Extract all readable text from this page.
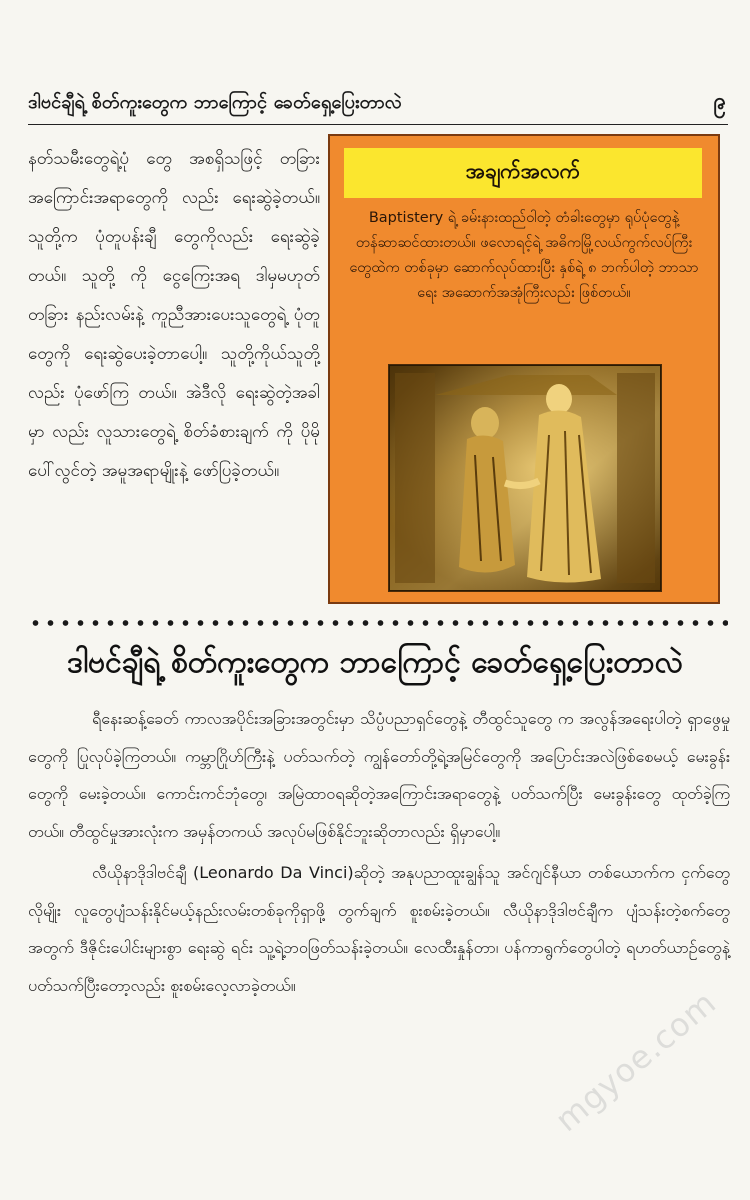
ဒါဗင်ချီရဲ့ စိတ်ကူးတွေက ဘာကြောင့် ခေတ်ရှေ့ပြေးတာလဲ	၉

နတ်သမီးတွေရဲ့ပုံ တွေ အစရှိသဖြင့် တခြားအကြောင်းအရာတွေကို လည်း ရေးဆွဲခဲ့တယ်။ သူတို့က ပုံတူပန်းချီ တွေကိုလည်း ရေးဆွဲခဲ့တယ်။ သူတို့ ကို ငွေကြေးအရ ဒါမှမဟုတ် တခြား နည်းလမ်းနဲ့ ကူညီအားပေးသူတွေရဲ့ ပုံတူတွေကို ရေးဆွဲပေးခဲ့တာပေါ့။ သူတို့ကိုယ်သူတို့လည်း ပုံဖော်ကြ တယ်။ အဲဒီလို ရေးဆွဲတဲ့အခါမှာ လည်း လူသားတွေရဲ့ စိတ်ခံစားချက် ကို ပိုမိုပေါ်လွင်တဲ့ အမူအရာမျိုးနဲ့ ဖော်ပြခဲ့တယ်။

အချက်အလက်

Baptistery ရဲ့ ခမ်းနားထည်ဝါတဲ့ တံခါးတွေမှာ ရုပ်ပုံတွေနဲ့ တန်ဆာဆင်ထားတယ်။ ဖလောရင့်ရဲ့ အဓိကမြို့လယ်ကွက်လပ်ကြီး တွေထဲက တစ်ခုမှာ ဆောက်လုပ်ထားပြီး နှစ်ရဲ့ ၈ ဘက်ပါတဲ့ ဘာသာရေး အဆောက်အအုံကြီးလည်း ဖြစ်တယ်။

ဒါဗင်ချီရဲ့ စိတ်ကူးတွေက ဘာကြောင့် ခေတ်ရှေ့ပြေးတာလဲ

ရီနေးဆန့်ခေတ် ကာလအပိုင်းအခြားအတွင်းမှာ သိပ္ပံပညာရှင်တွေနဲ့ တီထွင်သူတွေ က အလွန်အရေးပါတဲ့ ရှာဖွေမှုတွေကို ပြုလုပ်ခဲ့ကြတယ်။ ကမ္ဘာဂြိုဟ်ကြီးနဲ့ ပတ်သက်တဲ့ ကျွန်တော်တို့ရဲ့အမြင်တွေကို အပြောင်းအလဲဖြစ်စေမယ့် မေးခွန်းတွေကို မေးခဲ့တယ်။ ကောင်းကင်ဘုံတွေ၊ အမြဲထာဝရဆိုတဲ့အကြောင်းအရာတွေနဲ့ ပတ်သက်ပြီး မေးခွန်းတွေ ထုတ်ခဲ့ကြတယ်။ တီထွင်မှုအားလုံးက အမှန်တကယ် အလုပ်မဖြစ်နိုင်ဘူးဆိုတာလည်း ရှိမှာပေါ့။

လီယိုနာဒိုဒါဗင်ချီ (Leonardo Da Vinci)ဆိုတဲ့ အနုပညာထူးချွန်သူ အင်ဂျင်နီယာ တစ်ယောက်က ငှက်တွေလိုမျိုး လူတွေပျံသန်းနိုင်မယ့်နည်းလမ်းတစ်ခုကိုရှာဖို့ တွက်ချက် စူးစမ်းခဲ့တယ်။ လီယိုနာဒိုဒါဗင်ချီက ပျံသန်းတဲ့စက်တွေအတွက် ဒီဇိုင်းပေါင်းများစွာ ရေးဆွဲ ရင်း သူ့ရဲ့ဘဝဖြတ်သန်းခဲ့တယ်။ လေထီးနှုန်တာ၊ ပန်ကာရွက်တွေပါတဲ့ ရဟတ်ယာဉ်တွေနဲ့ ပတ်သက်ပြီးတော့လည်း စူးစမ်းလေ့လာခဲ့တယ်။	mgyoe.com
